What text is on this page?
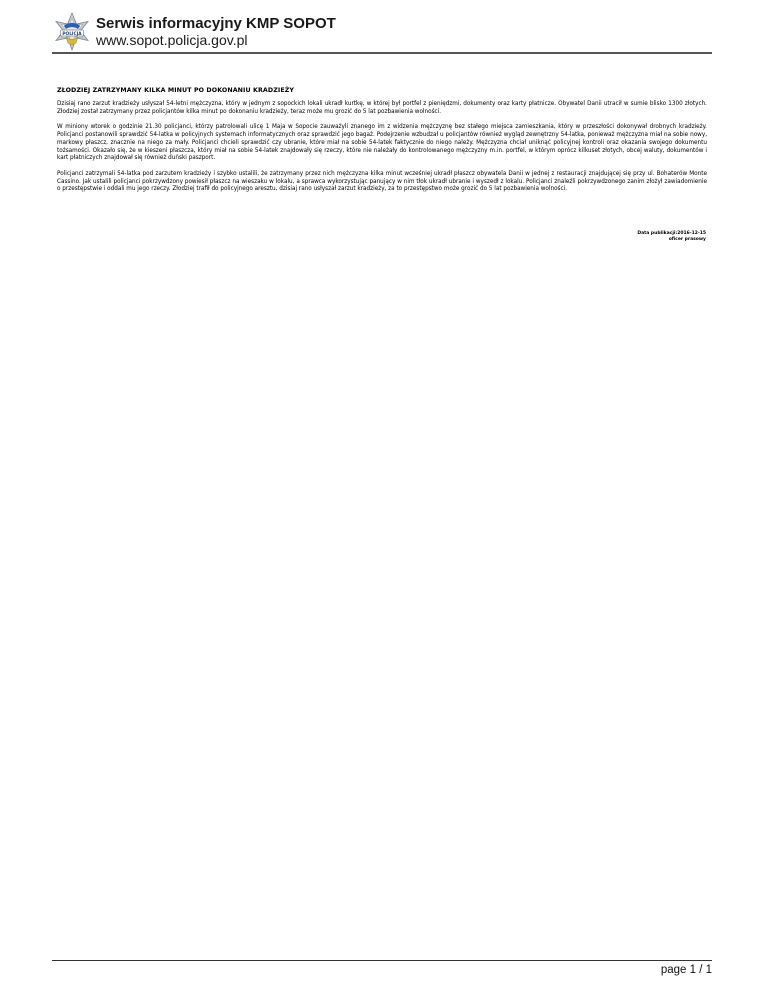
POLICJA
Serwis informacyjny KMP SOPOT
www.sopot.policja.gov.pl
ZŁODZIEJ ZATRZYMANY KILKA MINUT PO DOKONANIU KRADZIEŻY

Dzisiaj rano zarzut kradzieży usłyszał 54-letni mężczyzna, który w jednym z sopockich lokali ukradł kurtkę, w której był portfel z pieniędzmi, dokumenty oraz karty płatnicze. Obywatel Danii utracił w sumie blisko 1300 złotych. Złodziej został zatrzymany przez policjantów kilka minut po dokonaniu kradzieży, teraz może mu grozić do 5 lat pozbawienia wolności.

W miniony wtorek o godzinie 21.30 policjanci, którzy patrolowali ulicę 1 Maja w Sopocie zauważyli znanego im z widzenia mężczyznę bez stałego miejsca zamieszkania, który w przeszłości dokonywał drobnych kradzieży. Policjanci postanowili sprawdzić 54-latka w policyjnych systemach informatycznych oraz sprawdzić jego bagaż. Podejrzenie wzbudzał u policjantów również wygląd zewnętrzny 54-latka, ponieważ mężczyzna miał na sobie nowy, markowy płaszcz, znacznie na niego za mały. Policjanci chcieli sprawdzić czy ubranie, które miał na sobie 54-latek faktycznie do niego należy. Mężczyzna chciał uniknąć policyjnej kontroli oraz okazania swojego dokumentu tożsamości. Okazało się, że w kieszeni płaszcza, który miał na sobie 54-latek znajdowały się rzeczy, które nie należały do kontrolowanego mężczyzny m.in. portfel, w którym oprócz kilkuset złotych, obcej waluty, dokumentów i kart płatniczych znajdował się również duński paszport.

Policjanci zatrzymali 54-latka pod zarzutem kradzieży i szybko ustalili, że zatrzymany przez nich mężczyzna kilka minut wcześniej ukradł płaszcz obywatela Danii w jednej z restauracji znajdującej się przy ul. Bohaterów Monte Cassino. Jak ustalili policjanci pokrzywdzony powiesił płaszcz na wieszaku w lokalu, a sprawca wykorzystując panujący w nim tłok ukradł ubranie i wyszedł z lokalu. Policjanci znaleźli pokrzywdzonego zanim złożył zawiadomienie o przestępstwie i oddali mu jego rzeczy. Złodziej trafił do policyjnego aresztu, dzisiaj rano usłyszał zarzut kradzieży, za to przestępstwo może grozić do 5 lat pozbawienia wolności.

Data publikacji:2016-12-15
oficer prasowy
page 1 / 1
